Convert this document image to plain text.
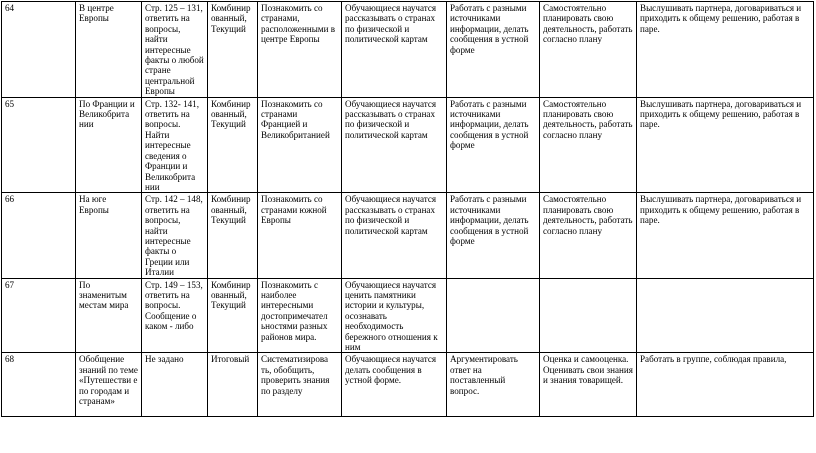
64	В центре Европы	Стр. 125 – 131, ответить на вопросы, найти интересные факты о любой стране центральной Европы	Комбинир ованный, Текущий	Познакомить со странами, расположенными в центре Европы	Обучающиеся научатся рассказывать о странах по физической и политической картам	Работать с разными источниками информации, делать сообщения в устной форме	Самостоятельно планировать свою деятельность, работать согласно плану	Выслушивать партнера, договариваться и приходить к общему решению, работая в паре.
65	По Франции и Великобрита нии	Стр. 132- 141, ответить на вопросы. Найти интересные сведения о Франции и Великобрита нии	Комбинир ованный, Текущий	Познакомить со странами Францией и Великобританией	Обучающиеся научатся рассказывать о странах по физической и политической картам	Работать с разными источниками информации, делать сообщения в устной форме	Самостоятельно планировать свою деятельность, работать согласно плану	Выслушивать партнера, договариваться и приходить к общему решению, работая в паре.
66	На юге Европы	Стр. 142 – 148, ответить на вопросы, найти интересные факты о Греции или Италии	Комбинир ованный, Текущий	Познакомить со странами южной Европы	Обучающиеся научатся рассказывать о странах по физической и политической картам	Работать с разными источниками информации, делать сообщения в устной форме	Самостоятельно планировать свою деятельность, работать согласно плану	Выслушивать партнера, договариваться и приходить к общему решению, работая в паре.
67	По знаменитым местам мира	Стр. 149 – 153, ответить на вопросы. Сообщение о каком - либо	Комбинир ованный, Текущий	Познакомить с наиболее интересными достопримечател ьностями разных районов мира.	Обучающиеся научатся ценить памятники истории и культуры, осознавать необходимость бережного отношения к ним			
68	Обобщение знаний по теме «Путешестви е по городам и странам»	Не задано	Итоговый	Систематизирова ть, обобщить, проверить знания по разделу	Обучающиеся научатся делать сообщения в устной форме.	Аргументировать ответ на поставленный вопрос.	Оценка и самооценка. Оценивать свои знания и знания товарищей.	Работать в группе, соблюдая правила,
